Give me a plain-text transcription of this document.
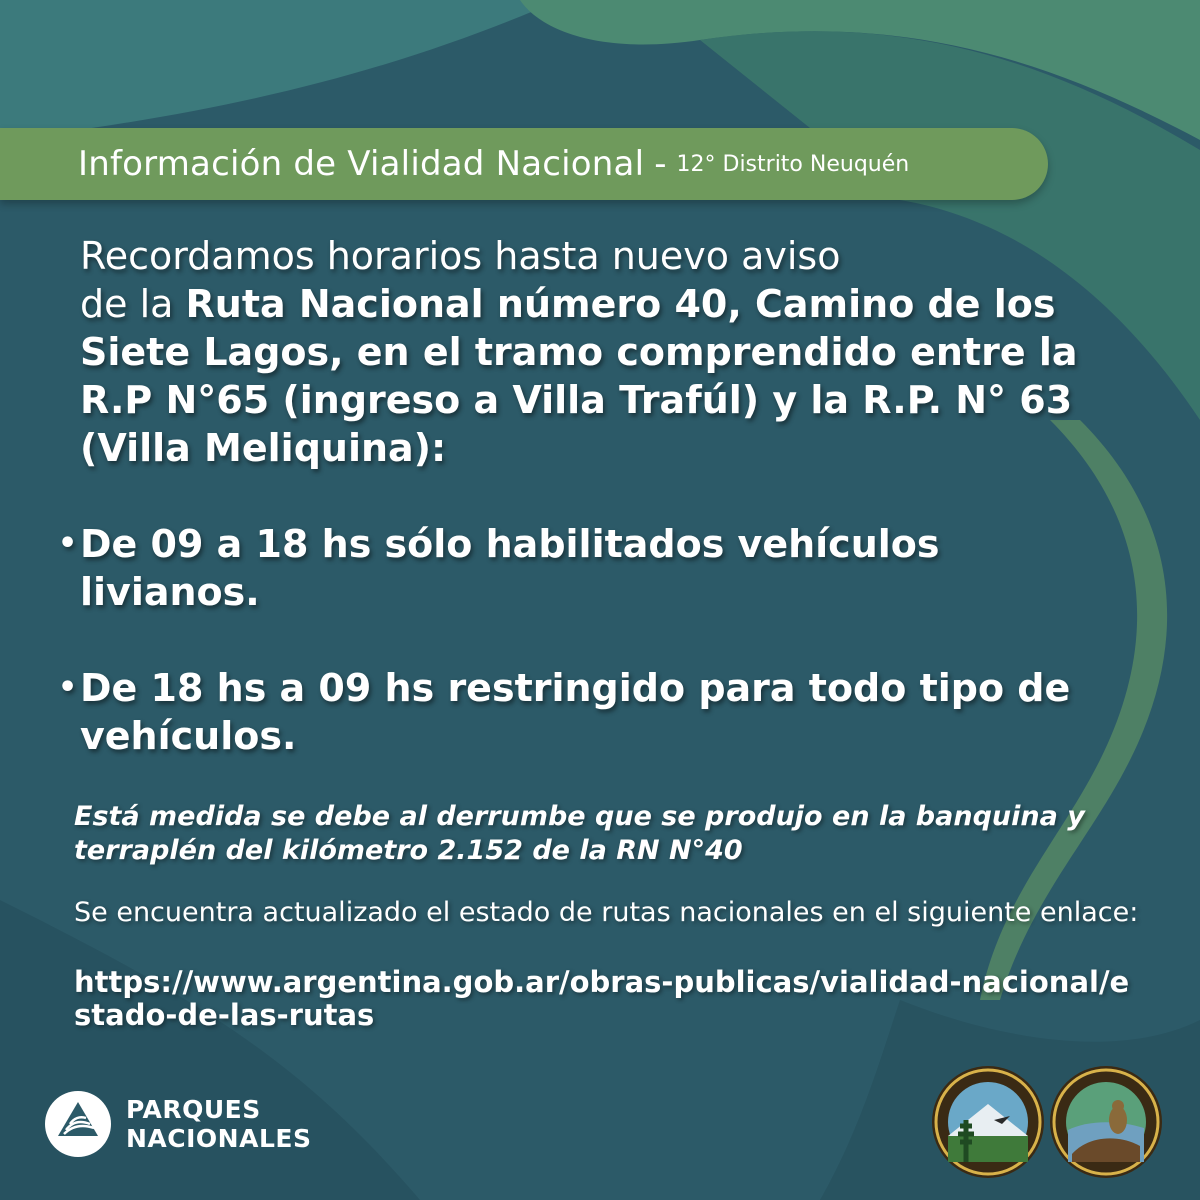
Información de Vialidad Nacional - 12° Distrito Neuquén
Recordamos horarios hasta nuevo aviso
de la Ruta Nacional número 40, Camino de los Siete Lagos, en el tramo comprendido entre la R.P N°65 (ingreso a Villa Trafúl) y la R.P. N° 63 (Villa Meliquina):
• De 09 a 18 hs sólo habilitados vehículos livianos.
• De 18 hs a 09 hs restringido para todo tipo de vehículos.
Está medida se debe al derrumbe que se produjo en la banquina y terraplén del kilómetro 2.152 de la RN N°40
Se encuentra actualizado el estado de rutas nacionales en el siguiente enlace:
https://www.argentina.gob.ar/obras-publicas/vialidad-nacional/estado-de-las-rutas
PARQUES
NACIONALES
